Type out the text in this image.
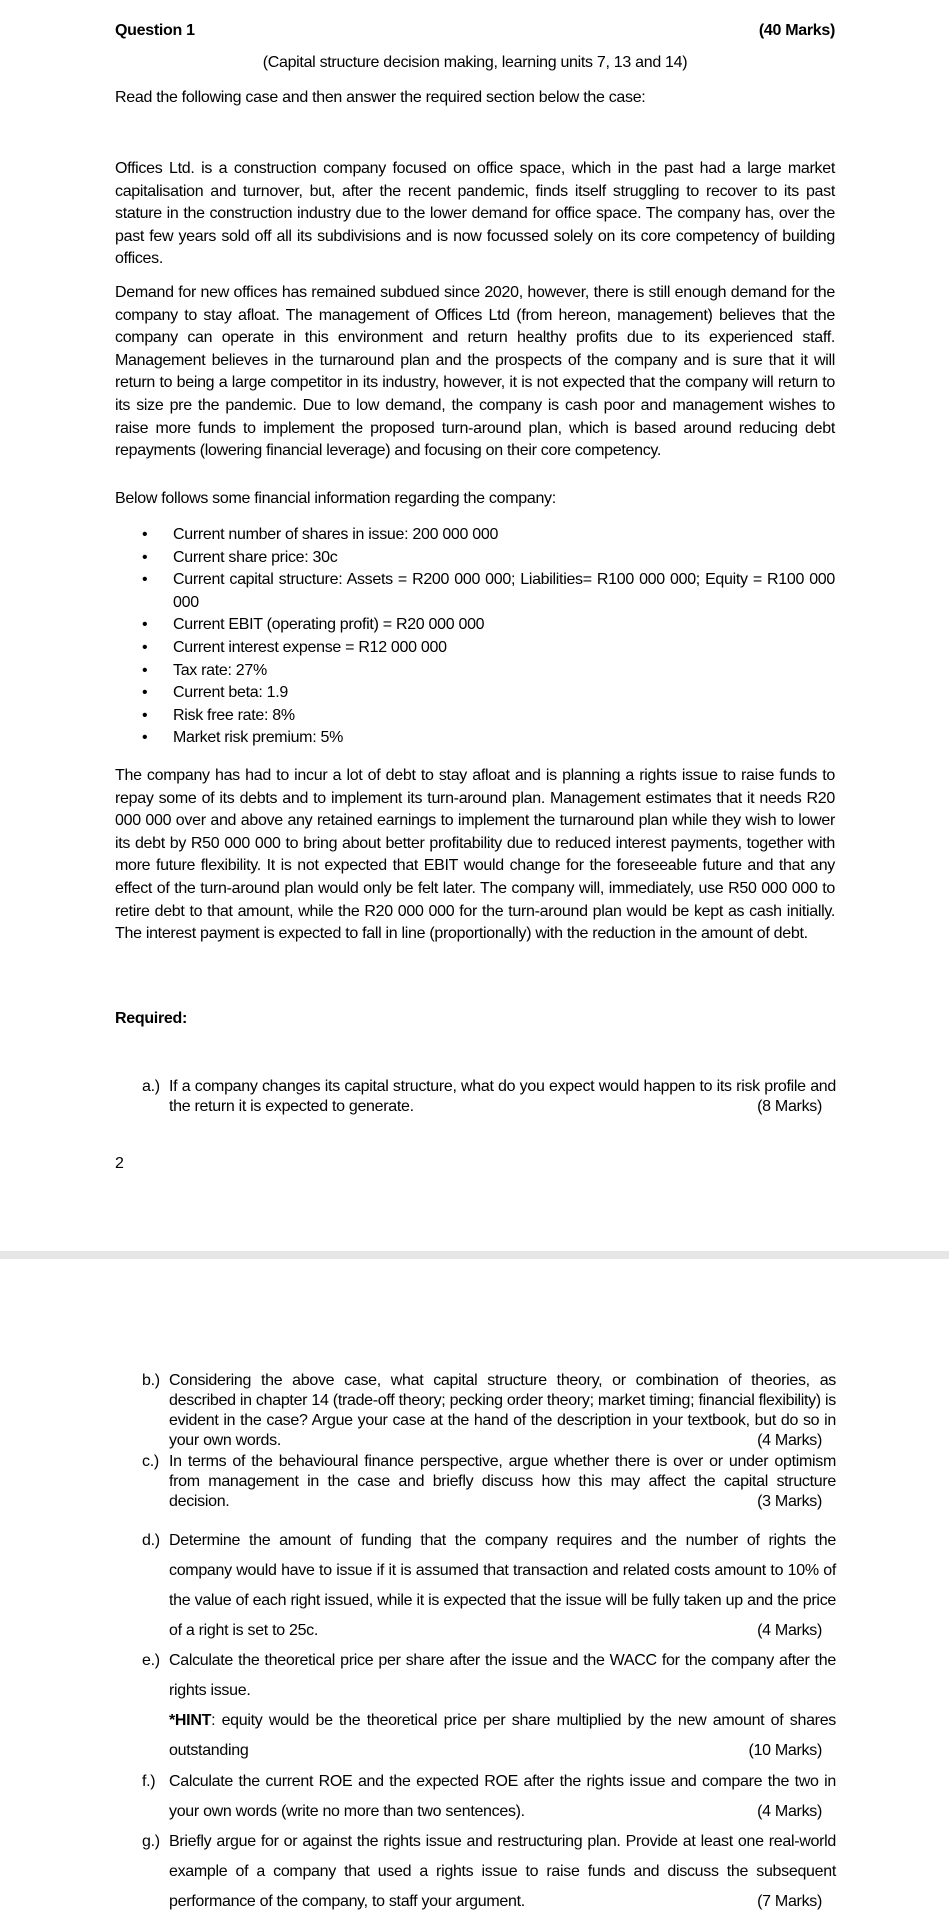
Question 1	(40 Marks)
(Capital structure decision making, learning units 7, 13 and 14)
Read the following case and then answer the required section below the case:
Offices Ltd. is a construction company focused on office space, which in the past had a large market capitalisation and turnover, but, after the recent pandemic, finds itself struggling to recover to its past stature in the construction industry due to the lower demand for office space. The company has, over the past few years sold off all its subdivisions and is now focussed solely on its core competency of building offices.
Demand for new offices has remained subdued since 2020, however, there is still enough demand for the company to stay afloat. The management of Offices Ltd (from hereon, management) believes that the company can operate in this environment and return healthy profits due to its experienced staff. Management believes in the turnaround plan and the prospects of the company and is sure that it will return to being a large competitor in its industry, however, it is not expected that the company will return to its size pre the pandemic. Due to low demand, the company is cash poor and management wishes to raise more funds to implement the proposed turn-around plan, which is based around reducing debt repayments (lowering financial leverage) and focusing on their core competency.
Below follows some financial information regarding the company:
• Current number of shares in issue: 200 000 000
• Current share price: 30c
• Current capital structure: Assets = R200 000 000; Liabilities= R100 000 000; Equity = R100 000 000
• Current EBIT (operating profit) = R20 000 000
• Current interest expense = R12 000 000
• Tax rate: 27%
• Current beta: 1.9
• Risk free rate: 8%
• Market risk premium: 5%
The company has had to incur a lot of debt to stay afloat and is planning a rights issue to raise funds to repay some of its debts and to implement its turn-around plan. Management estimates that it needs R20 000 000 over and above any retained earnings to implement the turnaround plan while they wish to lower its debt by R50 000 000 to bring about better profitability due to reduced interest payments, together with more future flexibility. It is not expected that EBIT would change for the foreseeable future and that any effect of the turn-around plan would only be felt later. The company will, immediately, use R50 000 000 to retire debt to that amount, while the R20 000 000 for the turn-around plan would be kept as cash initially. The interest payment is expected to fall in line (proportionally) with the reduction in the amount of debt.
Required:
a.) If a company changes its capital structure, what do you expect would happen to its risk profile and the return it is expected to generate.	(8 Marks)
2
b.) Considering the above case, what capital structure theory, or combination of theories, as described in chapter 14 (trade-off theory; pecking order theory; market timing; financial flexibility) is evident in the case? Argue your case at the hand of the description in your textbook, but do so in your own words.	(4 Marks)
c.) In terms of the behavioural finance perspective, argue whether there is over or under optimism from management in the case and briefly discuss how this may affect the capital structure decision.	(3 Marks)
d.) Determine the amount of funding that the company requires and the number of rights the company would have to issue if it is assumed that transaction and related costs amount to 10% of the value of each right issued, while it is expected that the issue will be fully taken up and the price of a right is set to 25c.	(4 Marks)
e.) Calculate the theoretical price per share after the issue and the WACC for the company after the rights issue.
*HINT: equity would be the theoretical price per share multiplied by the new amount of shares outstanding	(10 Marks)
f.) Calculate the current ROE and the expected ROE after the rights issue and compare the two in your own words (write no more than two sentences).	(4 Marks)
g.) Briefly argue for or against the rights issue and restructuring plan. Provide at least one real-world example of a company that used a rights issue to raise funds and discuss the subsequent performance of the company, to staff your argument.	(7 Marks)
